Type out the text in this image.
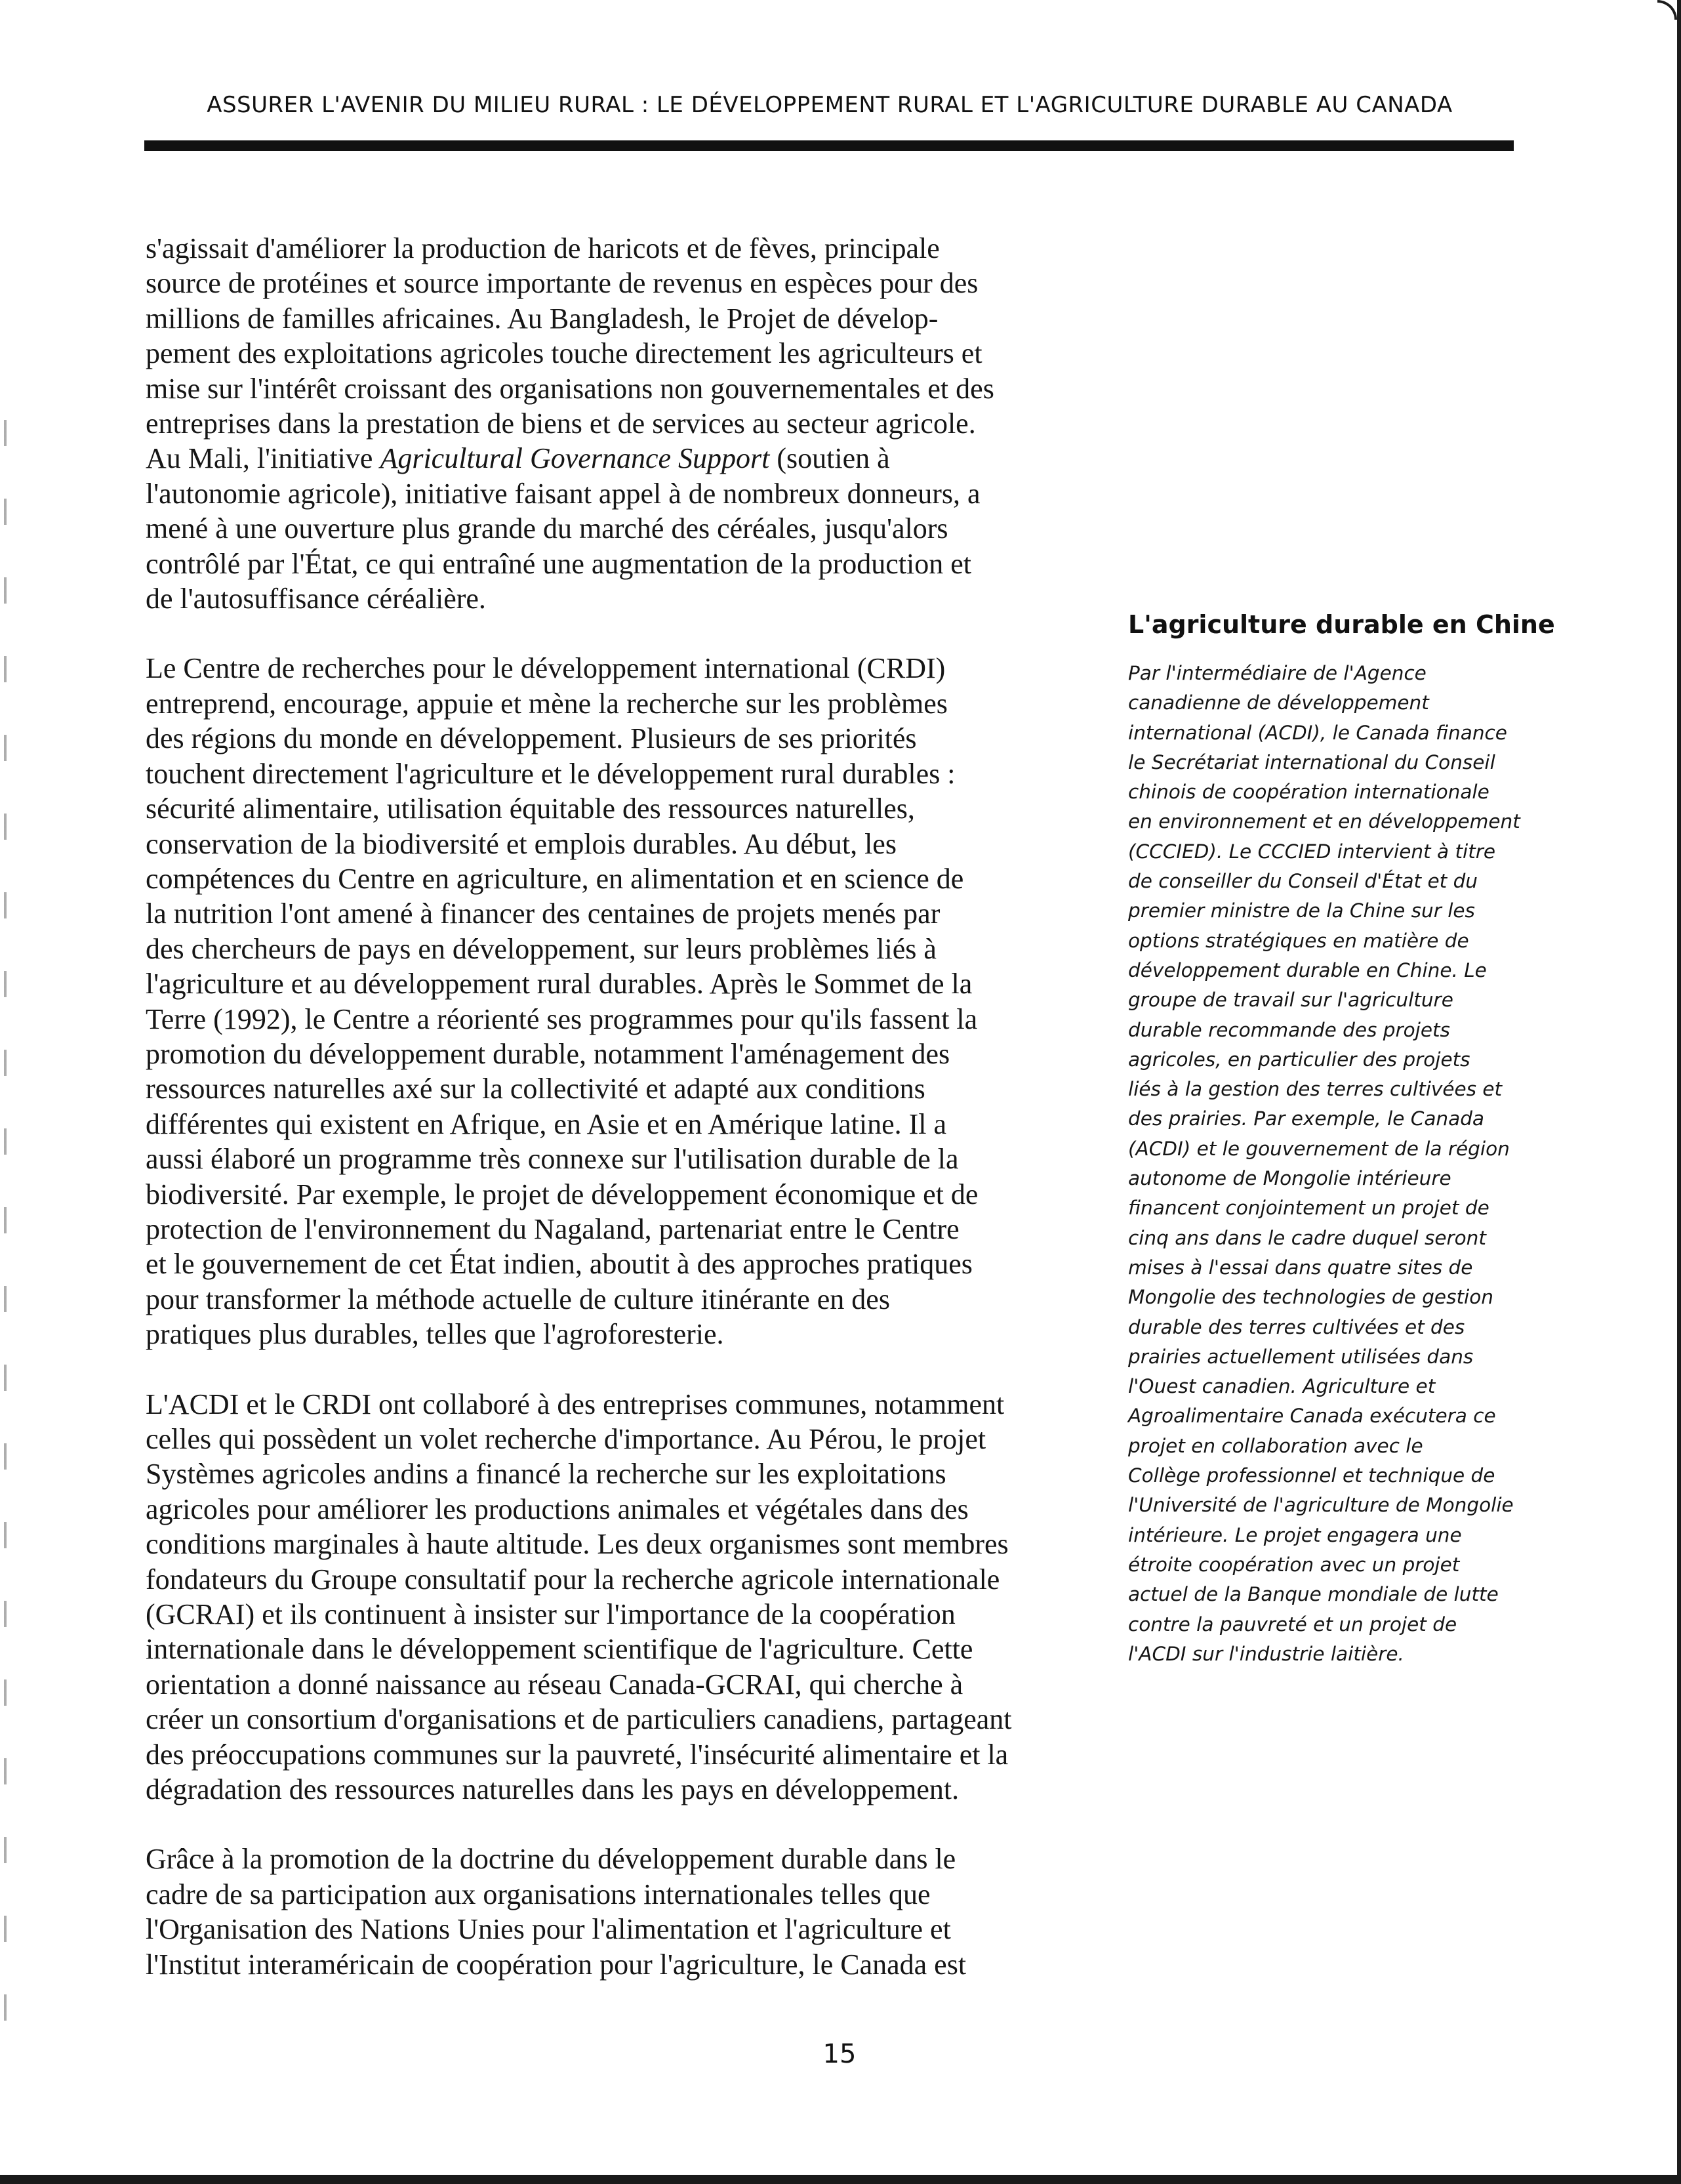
ASSURER L'AVENIR DU MILIEU RURAL : LE DÉVELOPPEMENT RURAL ET L'AGRICULTURE DURABLE AU CANADA

s'agissait d'améliorer la production de haricots et de fèves, principale
source de protéines et source importante de revenus en espèces pour des
millions de familles africaines. Au Bangladesh, le Projet de dévelop-
pement des exploitations agricoles touche directement les agriculteurs et
mise sur l'intérêt croissant des organisations non gouvernementales et des
entreprises dans la prestation de biens et de services au secteur agricole.
Au Mali, l'initiative Agricultural Governance Support (soutien à
l'autonomie agricole), initiative faisant appel à de nombreux donneurs, a
mené à une ouverture plus grande du marché des céréales, jusqu'alors
contrôlé par l'État, ce qui entraîné une augmentation de la production et
de l'autosuffisance céréalière.

Le Centre de recherches pour le développement international (CRDI)
entreprend, encourage, appuie et mène la recherche sur les problèmes
des régions du monde en développement. Plusieurs de ses priorités
touchent directement l'agriculture et le développement rural durables :
sécurité alimentaire, utilisation équitable des ressources naturelles,
conservation de la biodiversité et emplois durables. Au début, les
compétences du Centre en agriculture, en alimentation et en science de
la nutrition l'ont amené à financer des centaines de projets menés par
des chercheurs de pays en développement, sur leurs problèmes liés à
l'agriculture et au développement rural durables. Après le Sommet de la
Terre (1992), le Centre a réorienté ses programmes pour qu'ils fassent la
promotion du développement durable, notamment l'aménagement des
ressources naturelles axé sur la collectivité et adapté aux conditions
différentes qui existent en Afrique, en Asie et en Amérique latine. Il a
aussi élaboré un programme très connexe sur l'utilisation durable de la
biodiversité. Par exemple, le projet de développement économique et de
protection de l'environnement du Nagaland, partenariat entre le Centre
et le gouvernement de cet État indien, aboutit à des approches pratiques
pour transformer la méthode actuelle de culture itinérante en des
pratiques plus durables, telles que l'agroforesterie.

L'ACDI et le CRDI ont collaboré à des entreprises communes, notamment
celles qui possèdent un volet recherche d'importance. Au Pérou, le projet
Systèmes agricoles andins a financé la recherche sur les exploitations
agricoles pour améliorer les productions animales et végétales dans des
conditions marginales à haute altitude. Les deux organismes sont membres
fondateurs du Groupe consultatif pour la recherche agricole internationale
(GCRAI) et ils continuent à insister sur l'importance de la coopération
internationale dans le développement scientifique de l'agriculture. Cette
orientation a donné naissance au réseau Canada-GCRAI, qui cherche à
créer un consortium d'organisations et de particuliers canadiens, partageant
des préoccupations communes sur la pauvreté, l'insécurité alimentaire et la
dégradation des ressources naturelles dans les pays en développement.

Grâce à la promotion de la doctrine du développement durable dans le
cadre de sa participation aux organisations internationales telles que
l'Organisation des Nations Unies pour l'alimentation et l'agriculture et
l'Institut interaméricain de coopération pour l'agriculture, le Canada est

L'agriculture durable en Chine
Par l'intermédiaire de l'Agence
canadienne de développement
international (ACDI), le Canada finance
le Secrétariat international du Conseil
chinois de coopération internationale
en environnement et en développement
(CCCIED). Le CCCIED intervient à titre
de conseiller du Conseil d'État et du
premier ministre de la Chine sur les
options stratégiques en matière de
développement durable en Chine. Le
groupe de travail sur l'agriculture
durable recommande des projets
agricoles, en particulier des projets
liés à la gestion des terres cultivées et
des prairies. Par exemple, le Canada
(ACDI) et le gouvernement de la région
autonome de Mongolie intérieure
financent conjointement un projet de
cinq ans dans le cadre duquel seront
mises à l'essai dans quatre sites de
Mongolie des technologies de gestion
durable des terres cultivées et des
prairies actuellement utilisées dans
l'Ouest canadien. Agriculture et
Agroalimentaire Canada exécutera ce
projet en collaboration avec le
Collège professionnel et technique de
l'Université de l'agriculture de Mongolie
intérieure. Le projet engagera une
étroite coopération avec un projet
actuel de la Banque mondiale de lutte
contre la pauvreté et un projet de
l'ACDI sur l'industrie laitière.
15
